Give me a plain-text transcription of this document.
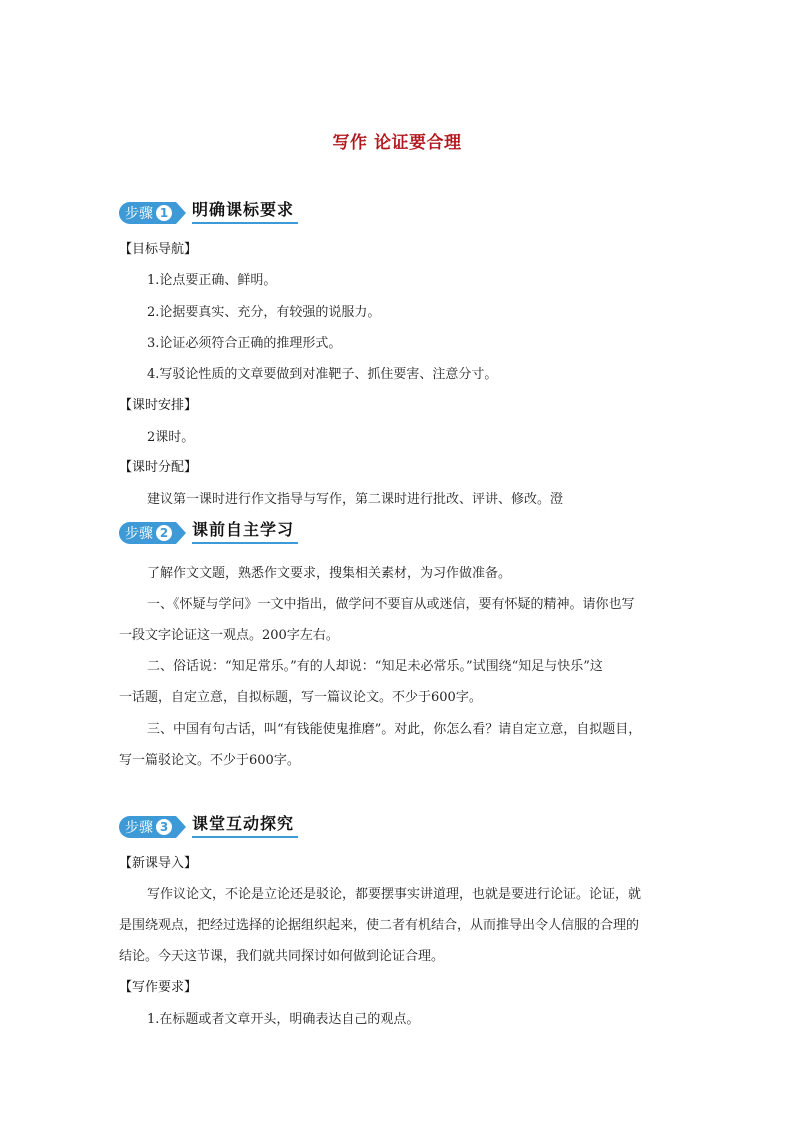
写作 论证要合理
步骤 1 明确课标要求
【目标导航】
1.论点要正确、鲜明。
2.论据要真实、充分，有较强的说服力。
3.论证必须符合正确的推理形式。
4.写驳论性质的文章要做到对准靶子、抓住要害、注意分寸。
【课时安排】
2课时。
【课时分配】
建议第一课时进行作文指导与写作，第二课时进行批改、评讲、修改。澄
步骤 2 课前自主学习
了解作文文题，熟悉作文要求，搜集相关素材，为习作做准备。
一、《怀疑与学问》一文中指出，做学问不要盲从或迷信，要有怀疑的精神。请你也写
一段文字论证这一观点。200字左右。
二、俗话说：“知足常乐。”有的人却说：“知足未必常乐。”试围绕“知足与快乐”这
一话题，自定立意，自拟标题，写一篇议论文。不少于600字。
三、中国有句古话，叫“有钱能使鬼推磨”。对此，你怎么看？请自定立意，自拟题目，
写一篇驳论文。不少于600字。
步骤 3 课堂互动探究
【新课导入】
写作议论文，不论是立论还是驳论，都要摆事实讲道理，也就是要进行论证。论证，就
是围绕观点，把经过选择的论据组织起来，使二者有机结合，从而推导出令人信服的合理的
结论。今天这节课，我们就共同探讨如何做到论证合理。
【写作要求】
1.在标题或者文章开头，明确表达自己的观点。
